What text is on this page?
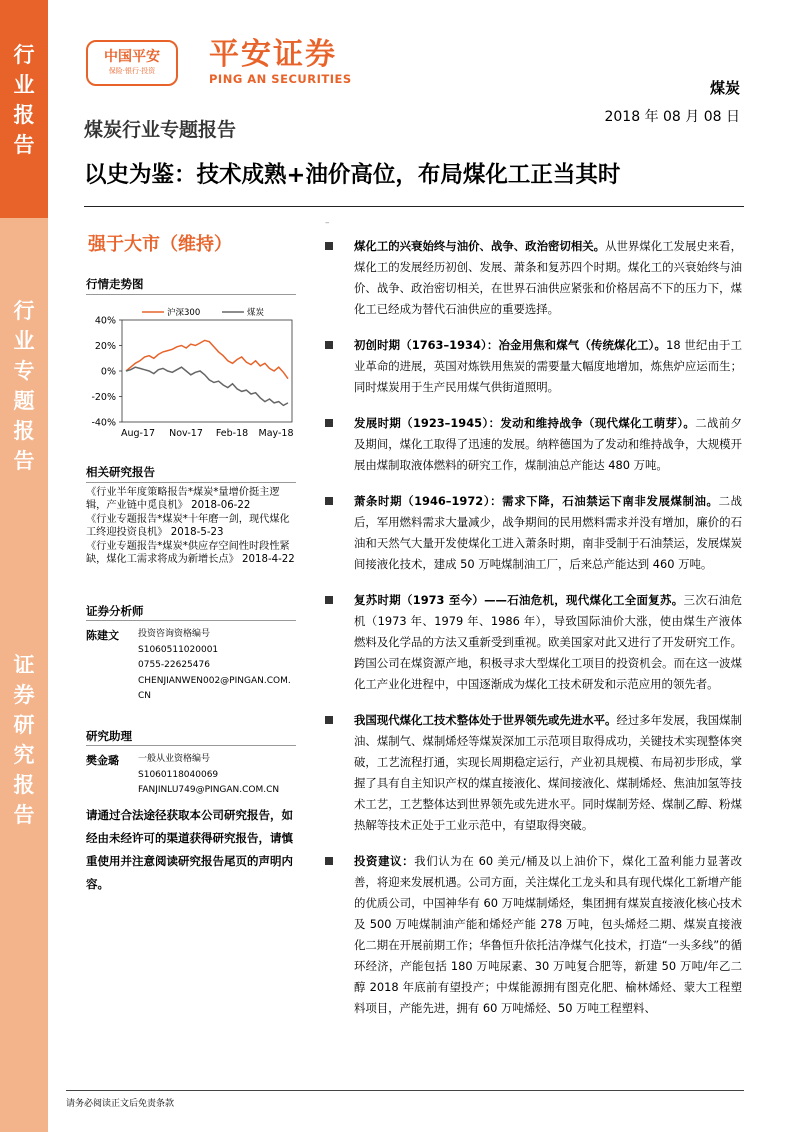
行
业
报
告
行
业
专
题
报
告
证
券
研
究
报
告
中国平安
保险·银行·投资	平安证券
PING AN SECURITIES	煤炭
2018 年 08 月 08 日
煤炭行业专题报告
以史为鉴：技术成熟+油价高位，布局煤化工正当其时
–
强于大市（维持）
行情走势图
40%
20%
0%
-20%
-40%
Aug-17 Nov-17 Feb-18 May-18
沪深300	煤炭
相关研究报告
《行业半年度策略报告*煤炭*量增价挺主逻辑，产业链中觅良机》 2018-06-22
《行业专题报告*煤炭*十年磨一剑，现代煤化工终迎投资良机》 2018-5-23
《行业专题报告*煤炭*供应存空间性时段性紧缺，煤化工需求将成为新增长点》 2018-4-22
证券分析师
陈建文	投资咨询资格编号
S1060511020001
0755-22625476
CHENJIANWEN002@PINGAN.COM.
CN
研究助理
樊金璐	一般从业资格编号
S1060118040069
FANJINLU749@PINGAN.COM.CN
请通过合法途径获取本公司研究报告，如经由未经许可的渠道获得研究报告，请慎重使用并注意阅读研究报告尾页的声明内容。
煤化工的兴衰始终与油价、战争、政治密切相关。从世界煤化工发展史来看，煤化工的发展经历初创、发展、萧条和复苏四个时期。煤化工的兴衰始终与油价、战争、政治密切相关，在世界石油供应紧张和价格居高不下的压力下，煤化工已经成为替代石油供应的重要选择。
初创时期（1763–1934）：冶金用焦和煤气（传统煤化工）。18 世纪由于工业革命的进展，英国对炼铁用焦炭的需要量大幅度地增加，炼焦炉应运而生；同时煤炭用于生产民用煤气供街道照明。
发展时期（1923–1945）：发动和维持战争（现代煤化工萌芽）。二战前夕及期间，煤化工取得了迅速的发展。纳粹德国为了发动和维持战争，大规模开展由煤制取液体燃料的研究工作，煤制油总产能达 480 万吨。
萧条时期（1946–1972）：需求下降，石油禁运下南非发展煤制油。二战后，军用燃料需求大量减少，战争期间的民用燃料需求并没有增加，廉价的石油和天然气大量开发使煤化工进入萧条时期，南非受制于石油禁运，发展煤炭间接液化技术，建成 50 万吨煤制油工厂，后来总产能达到 460 万吨。
复苏时期（1973 至今）——石油危机，现代煤化工全面复苏。三次石油危机（1973 年、1979 年、1986 年），导致国际油价大涨，使由煤生产液体燃料及化学品的方法又重新受到重视。欧美国家对此又进行了开发研究工作。跨国公司在煤资源产地，积极寻求大型煤化工项目的投资机会。而在这一波煤化工产业化进程中，中国逐渐成为煤化工技术研发和示范应用的领先者。
我国现代煤化工技术整体处于世界领先或先进水平。经过多年发展，我国煤制油、煤制气、煤制烯烃等煤炭深加工示范项目取得成功，关键技术实现整体突破，工艺流程打通，实现长周期稳定运行，产业初具规模、布局初步形成，掌握了具有自主知识产权的煤直接液化、煤间接液化、煤制烯烃、焦油加氢等技术工艺，工艺整体达到世界领先或先进水平。同时煤制芳烃、煤制乙醇、粉煤热解等技术正处于工业示范中，有望取得突破。
投资建议：我们认为在 60 美元/桶及以上油价下，煤化工盈利能力显著改善，将迎来发展机遇。公司方面，关注煤化工龙头和具有现代煤化工新增产能的优质公司，中国神华有 60 万吨煤制烯烃，集团拥有煤炭直接液化核心技术及 500 万吨煤制油产能和烯烃产能 278 万吨，包头烯烃二期、煤炭直接液化二期在开展前期工作；华鲁恒升依托洁净煤气化技术，打造“一头多线”的循环经济，产能包括 180 万吨尿素、30 万吨复合肥等，新建 50 万吨/年乙二醇 2018 年底前有望投产；中煤能源拥有图克化肥、榆林烯烃、蒙大工程塑料项目，产能先进，拥有 60 万吨烯烃、50 万吨工程塑料、
请务必阅读正文后免责条款
